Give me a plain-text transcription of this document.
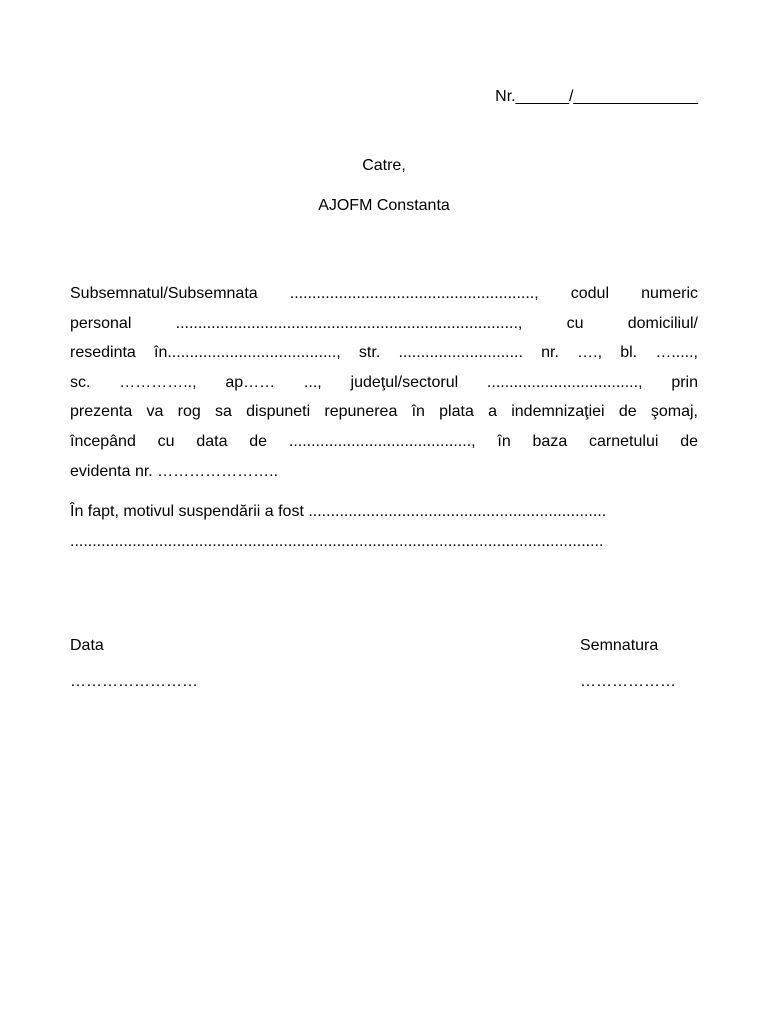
Nr.______/______________
Catre,
AJOFM Constanta
Subsemnatul/Subsemnata ......................................................., codul numeric
personal ............................................................................., cu domiciliul/
resedinta în......................................, str. ............................ nr. …., bl. ….....,
sc. ………….., ap…… ..., judeţul/sectorul .................................., prin
prezenta va rog sa dispuneti repunerea în plata a indemnizaţiei de şomaj,
începând cu data de ........................................., în baza carnetului de
evidenta nr. …………………..
În fapt, motivul suspendării a fost ...................................................................
........................................................................................................................
Data
……………………
Semnatura
………………
